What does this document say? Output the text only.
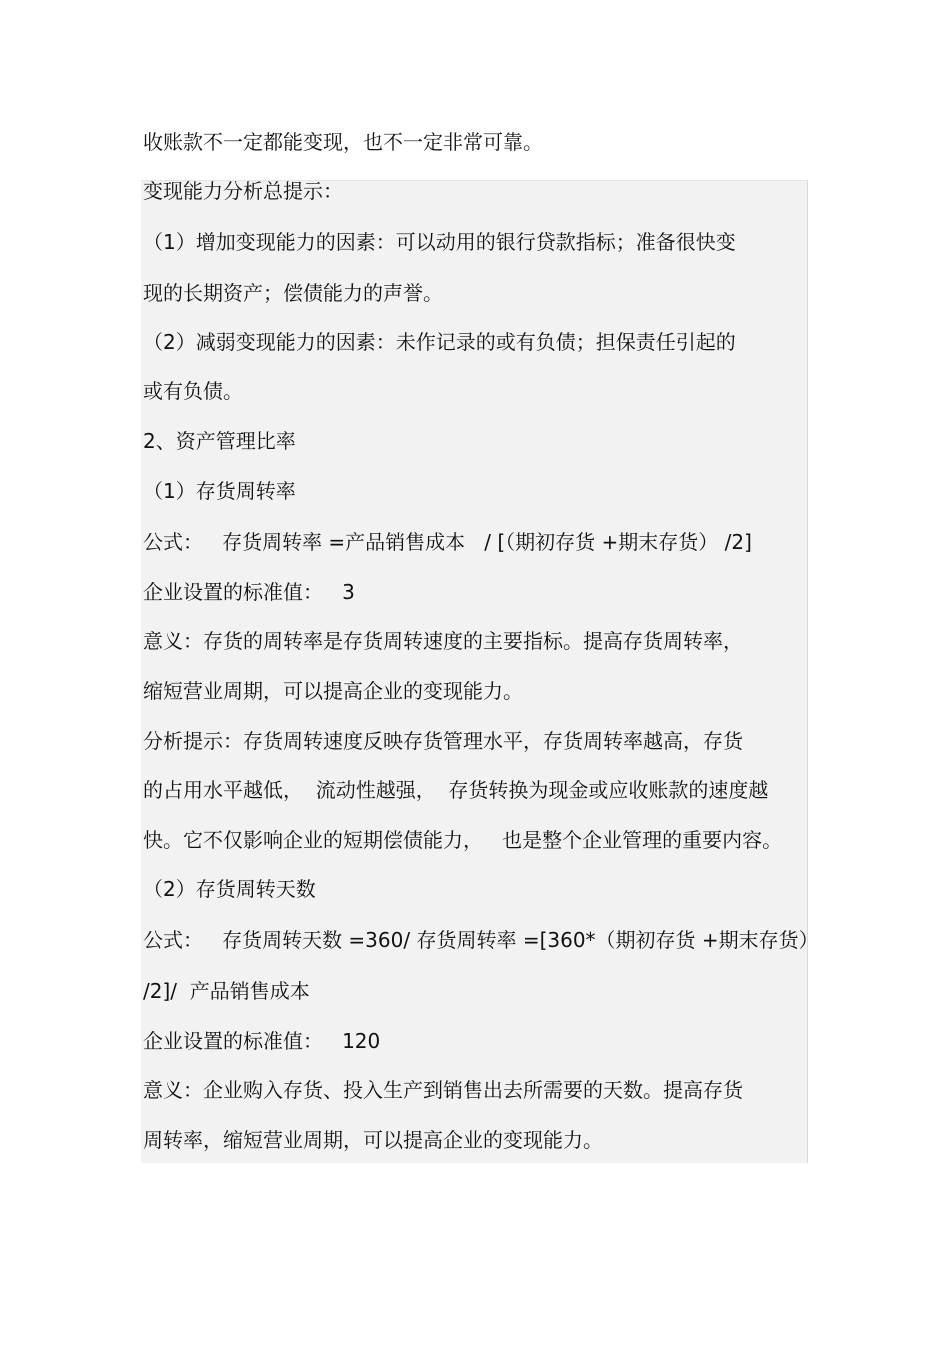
收账款不一定都能变现，也不一定非常可靠。
变现能力分析总提示：
（1）增加变现能力的因素：可以动用的银行贷款指标；准备很快变
现的长期资产；偿债能力的声誉。
（2）减弱变现能力的因素：未作记录的或有负债；担保责任引起的
或有负债。
2、资产管理比率
（1）存货周转率
公式：   存货周转率 =产品销售成本   / [（期初存货 +期末存货） /2]
企业设置的标准值：   3
意义：存货的周转率是存货周转速度的主要指标。提高存货周转率，
缩短营业周期，可以提高企业的变现能力。
分析提示：存货周转速度反映存货管理水平，存货周转率越高，存货
的占用水平越低，  流动性越强，  存货转换为现金或应收账款的速度越
快。它不仅影响企业的短期偿债能力，   也是整个企业管理的重要内容。
（2）存货周转天数
公式：   存货周转天数 =360/ 存货周转率 =[360*（期初存货 +期末存货）
/2]/  产品销售成本
企业设置的标准值：   120
意义：企业购入存货、投入生产到销售出去所需要的天数。提高存货
周转率，缩短营业周期，可以提高企业的变现能力。
